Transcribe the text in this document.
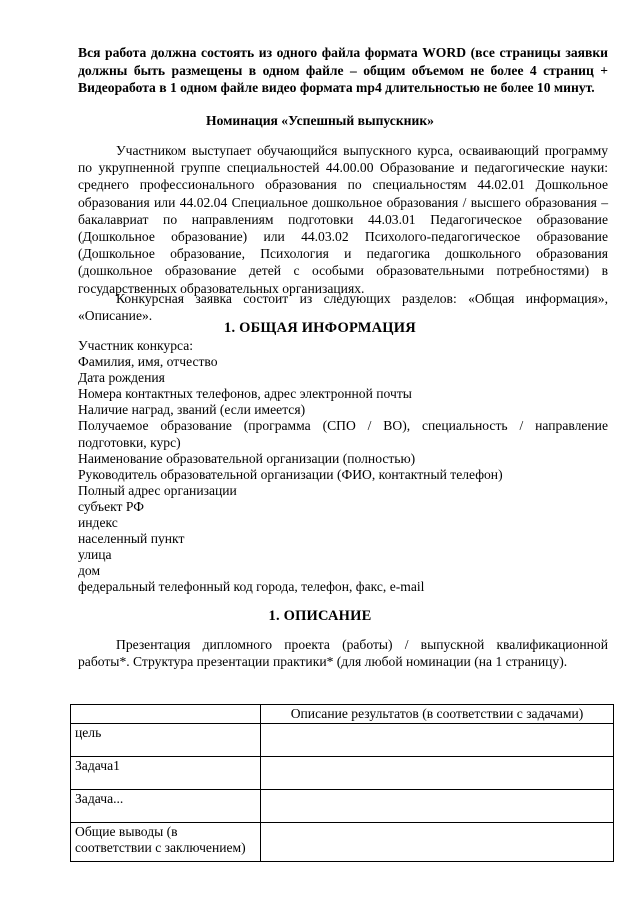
Вся работа должна состоять из одного файла формата WORD (все страницы заявки должны быть размещены в одном файле – общим объемом не более 4 страниц + Видеоработа в 1 одном файле видео формата mp4 длительностью не более 10 минут.

Номинация «Успешный выпускник»

Участником выступает обучающийся выпускного курса, осваивающий программу по укрупненной группе специальностей 44.00.00 Образование и педагогические науки: среднего профессионального образования по специальностям 44.02.01 Дошкольное образования или 44.02.04 Специальное дошкольное образования / высшего образования – бакалавриат по направлениям подготовки 44.03.01 Педагогическое образование (Дошкольное образование) или 44.03.02 Психолого-педагогическое образование (Дошкольное образование, Психология и педагогика дошкольного образования (дошкольное образование детей с особыми образовательными потребностями) в государственных образовательных организациях.

Конкурсная заявка состоит из следующих разделов: «Общая информация», «Описание».

1. ОБЩАЯ ИНФОРМАЦИЯ

Участник конкурса:
Фамилия, имя, отчество
Дата рождения
Номера контактных телефонов, адрес электронной почты
Наличие наград, званий (если имеется)
Получаемое образование (программа (СПО / ВО), специальность / направление подготовки, курс)
Наименование образовательной организации (полностью)
Руководитель образовательной организации (ФИО, контактный телефон)
Полный адрес организации
субъект РФ
индекс
населенный пункт
улица
дом
федеральный телефонный код города, телефон, факс, e-mail

1. ОПИСАНИЕ

Презентация дипломного проекта (работы) / выпускной квалификационной работы*. Структура презентации практики* (для любой номинации (на 1 страницу).

	Описание результатов (в соответствии с задачами)
цель	
Задача1	
Задача...	
Общие выводы (в соответствии с заключением)	
